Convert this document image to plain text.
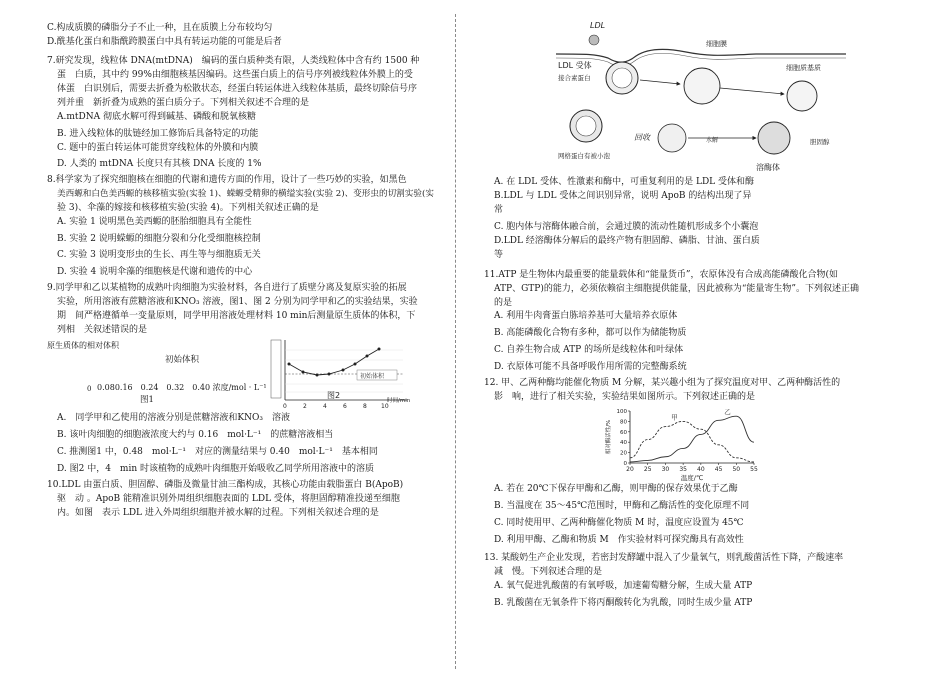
C.构成质膜的磷脂分子不止一种，且在质膜上分布较均匀
D.酰基化蛋白和脂酰跨膜蛋白中具有转运功能的可能是后者
7.研究发现，线粒体 DNA(mtDNA)　编码的蛋白质种类有限，人类线粒体中含有约 1500 种
蛋　白质，其中约 99%由细胞核基因编码。这些蛋白质上的信号序列被线粒体外膜上的受
体蛋　白识别后，需要去折叠为松散状态，经蛋白转运体进入线粒体基质，最终切除信号序
列并重　新折叠为成熟的蛋白质分子。下列相关叙述不合理的是
A.mtDNA 彻底水解可得到碱基、磷酸和脱氧核糖
B. 进入线粒体的肽链经加工修饰后具备特定的功能
C. 题中的蛋白转运体可能贯穿线粒体的外膜和内膜
D. 人类的 mtDNA 长度只有其核 DNA 长度的 1%
8.科学家为了探究细胞核在细胞的代谢和遗传方面的作用，设计了一些巧妙的实验，如黑色
美西螈和白色美西螈的核移植实验(实验 1)、蝾螈受精卵的横缢实验(实验 2)、变形虫的切割实验(实
验 3)、伞藻的嫁接和核移植实验(实验 4)。下列相关叙述正确的是
A. 实验 1 说明黑色美西螈的胚胎细胞具有全能性
B. 实验 2 说明蝾螈的细胞分裂和分化受细胞核控制
C. 实验 3 说明变形虫的生长、再生等与细胞质无关
D. 实验 4 说明伞藻的细胞核是代谢和遗传的中心
9.同学甲和乙以某植物的成熟叶肉细胞为实验材料，各自进行了质壁分离及复原实验的拓展
实验，所用溶液有蔗糖溶液和KNO₃ 溶液，图1、图 2 分别为同学甲和乙的实验结果，实验
期　间严格遵循单一变量原则，同学甲用溶液处理材料 10 min后测量原生质体的体积，下
列相　关叙述错误的是
原生质体的相对体积
初始体积
0 0.080.16　0.24　0.32　0.40 浓度/mol · L⁻¹
图1
初始体积
图2
0	2	4	6	8 10
时间/min
A.　同学甲和乙使用的溶液分别是蔗糖溶液和KNO₃　溶液
B. 该叶肉细胞的细胞液浓度大约与 0.16　mol·L⁻¹　的蔗糖溶液相当
C. 推测图1 中，0.48　mol·L⁻¹　对应的测量结果与 0.40　mol·L⁻¹　基本相同
D. 图2 中，4　min 时该植物的成熟叶肉细胞开始吸收乙同学所用溶液中的溶质
10.LDL 由蛋白质、胆固醇、磷脂及微量甘油三酯构成，其核心功能由载脂蛋白 B(ApoB)
驱　动 。ApoB 能精准识别外周组织细胞表面的 LDL 受体，将胆固醇精准投递至细胞
内。如图　表示 LDL 进入外周组织细胞并被水解的过程。下列相关叙述合理的是
细胞膜
细胞质基质
LDL
LDL 受体
接合素蛋白
回收
网格蛋白有被小泡
水解	胆固醇
溶酶体
A. 在 LDL 受体、性激素和酶中，可重复利用的是 LDL 受体和酶
B.LDL 与 LDL 受体之间识别异常，说明 ApoB 的结构出现了异
常
C. 胞内体与溶酶体融合前，会通过膜的流动性随机形成多个小囊泡
D.LDL 经溶酶体分解后的最终产物有胆固醇、磷脂、甘油、蛋白质
等
11.ATP 是生物体内最重要的能量载体和“能量货币”，农原体没有合成高能磷酸化合物(如
ATP、GTP)的能力，必须依赖宿主细胞提供能量，因此被称为“能量寄生物”。下列叙述正确
的是
A. 利用牛肉膏蛋白胨培养基可大量培养衣原体
B. 高能磷酸化合物有多种，都可以作为储能物质
C. 自养生物合成 ATP 的场所是线粒体和叶绿体
D. 衣原体可能不具备呼吸作用所需的完整酶系统
12. 甲、乙两种酶均能催化物质 M 分解，某兴趣小组为了探究温度对甲、乙两种酶活性的
影　响，进行了相关实验，实验结果如图所示。下列叙述正确的是
0
20
40
60
80
100
20 25 30 35 40 45 50 55
温度/℃
相对酶活性/%
甲
乙
A. 若在 20℃下保存甲酶和乙酶，则甲酶的保存效果优于乙酶
B. 当温度在 35～45℃范围时，甲酶和乙酶活性的变化原理不同
C. 同时使用甲、乙两种酶催化物质 M 时，温度应设置为 45℃
D. 利用甲酶、乙酶和物质 M　作实验材料可探究酶具有高效性
13. 某酸奶生产企业发现，若密封发酵罐中混入了少量氧气，则乳酸菌活性下降，产酸速率
减　慢。下列叙述合理的是
A. 氧气促进乳酸菌的有氧呼吸，加速葡萄糖分解，生成大量 ATP
B. 乳酸菌在无氧条件下将丙酮酸转化为乳酸，同时生成少量 ATP
